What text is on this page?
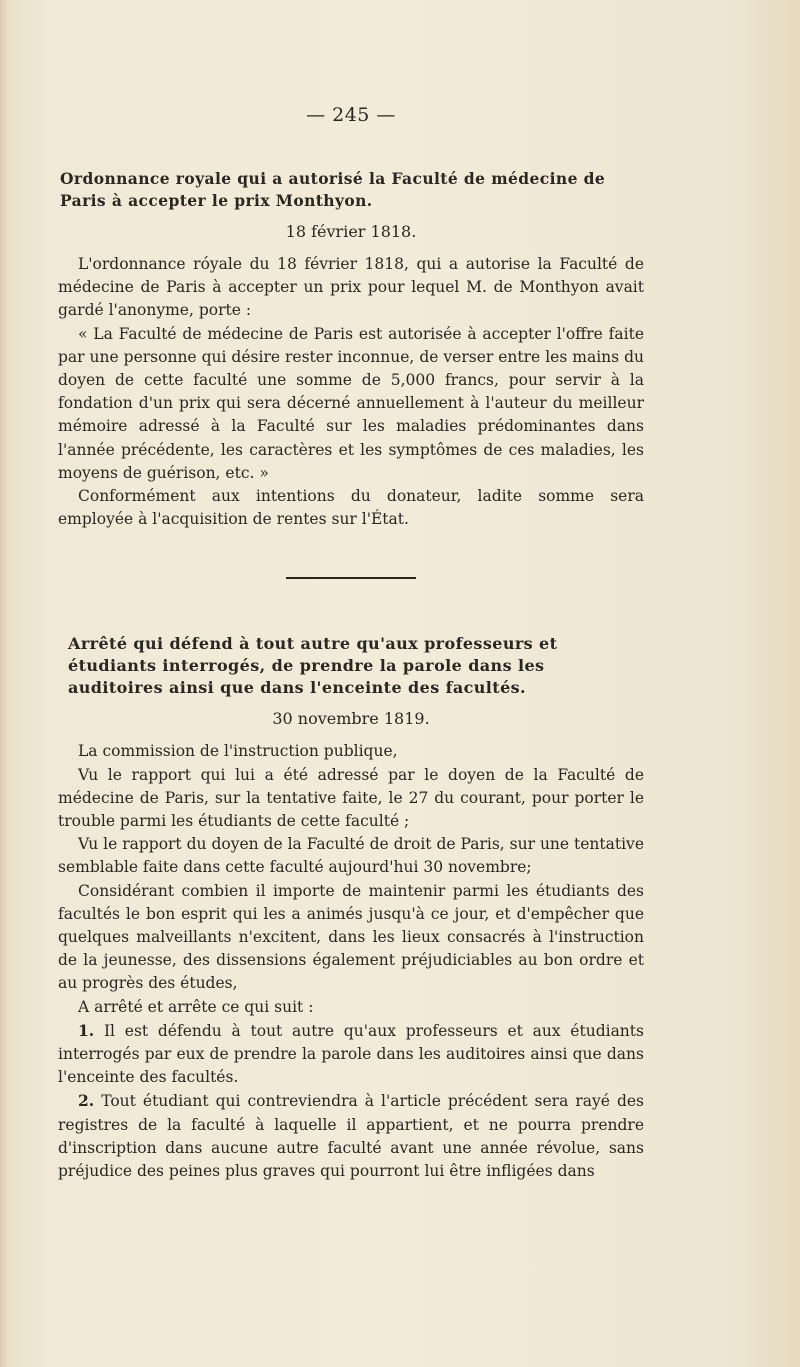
— 245 —
Ordonnance royale qui a autorisé la Faculté de médecine de Paris à accepter le prix Monthyon.
18 février 1818.

L'ordonnance róyale du 18 février 1818, qui a autorise la Faculté de médecine de Paris à accepter un prix pour lequel M. de Monthyon avait gardé l'anonyme, porte :

« La Faculté de médecine de Paris est autorisée à accepter l'offre faite par une personne qui désire rester inconnue, de verser entre les mains du doyen de cette faculté une somme de 5,000 francs, pour servir à la fondation d'un prix qui sera décerné annuellement à l'auteur du meilleur mémoire adressé à la Faculté sur les maladies prédominantes dans l'année précédente, les caractères et les symptômes de ces maladies, les moyens de guérison, etc. »

Conformément aux intentions du donateur, ladite somme sera employée à l'acquisition de rentes sur l'État.

Arrêté qui défend à tout autre qu'aux professeurs et étudiants interrogés, de prendre la parole dans les auditoires ainsi que dans l'enceinte des facultés.
30 novembre 1819.

La commission de l'instruction publique,

Vu le rapport qui lui a été adressé par le doyen de la Faculté de médecine de Paris, sur la tentative faite, le 27 du courant, pour porter le trouble parmi les étudiants de cette faculté ;

Vu le rapport du doyen de la Faculté de droit de Paris, sur une tentative semblable faite dans cette faculté aujourd'hui 30 novembre;

Considérant combien il importe de maintenir parmi les étudiants des facultés le bon esprit qui les a animés jusqu'à ce jour, et d'empêcher que quelques malveillants n'excitent, dans les lieux consacrés à l'instruction de la jeunesse, des dissensions également préjudiciables au bon ordre et au progrès des études,

A arrêté et arrête ce qui suit :

1. Il est défendu à tout autre qu'aux professeurs et aux étudiants interrogés par eux de prendre la parole dans les auditoires ainsi que dans l'enceinte des facultés.

2. Tout étudiant qui contreviendra à l'article précédent sera rayé des registres de la faculté à laquelle il appartient, et ne pourra prendre d'inscription dans aucune autre faculté avant une année révolue, sans préjudice des peines plus graves qui pourront lui être infligées dans
